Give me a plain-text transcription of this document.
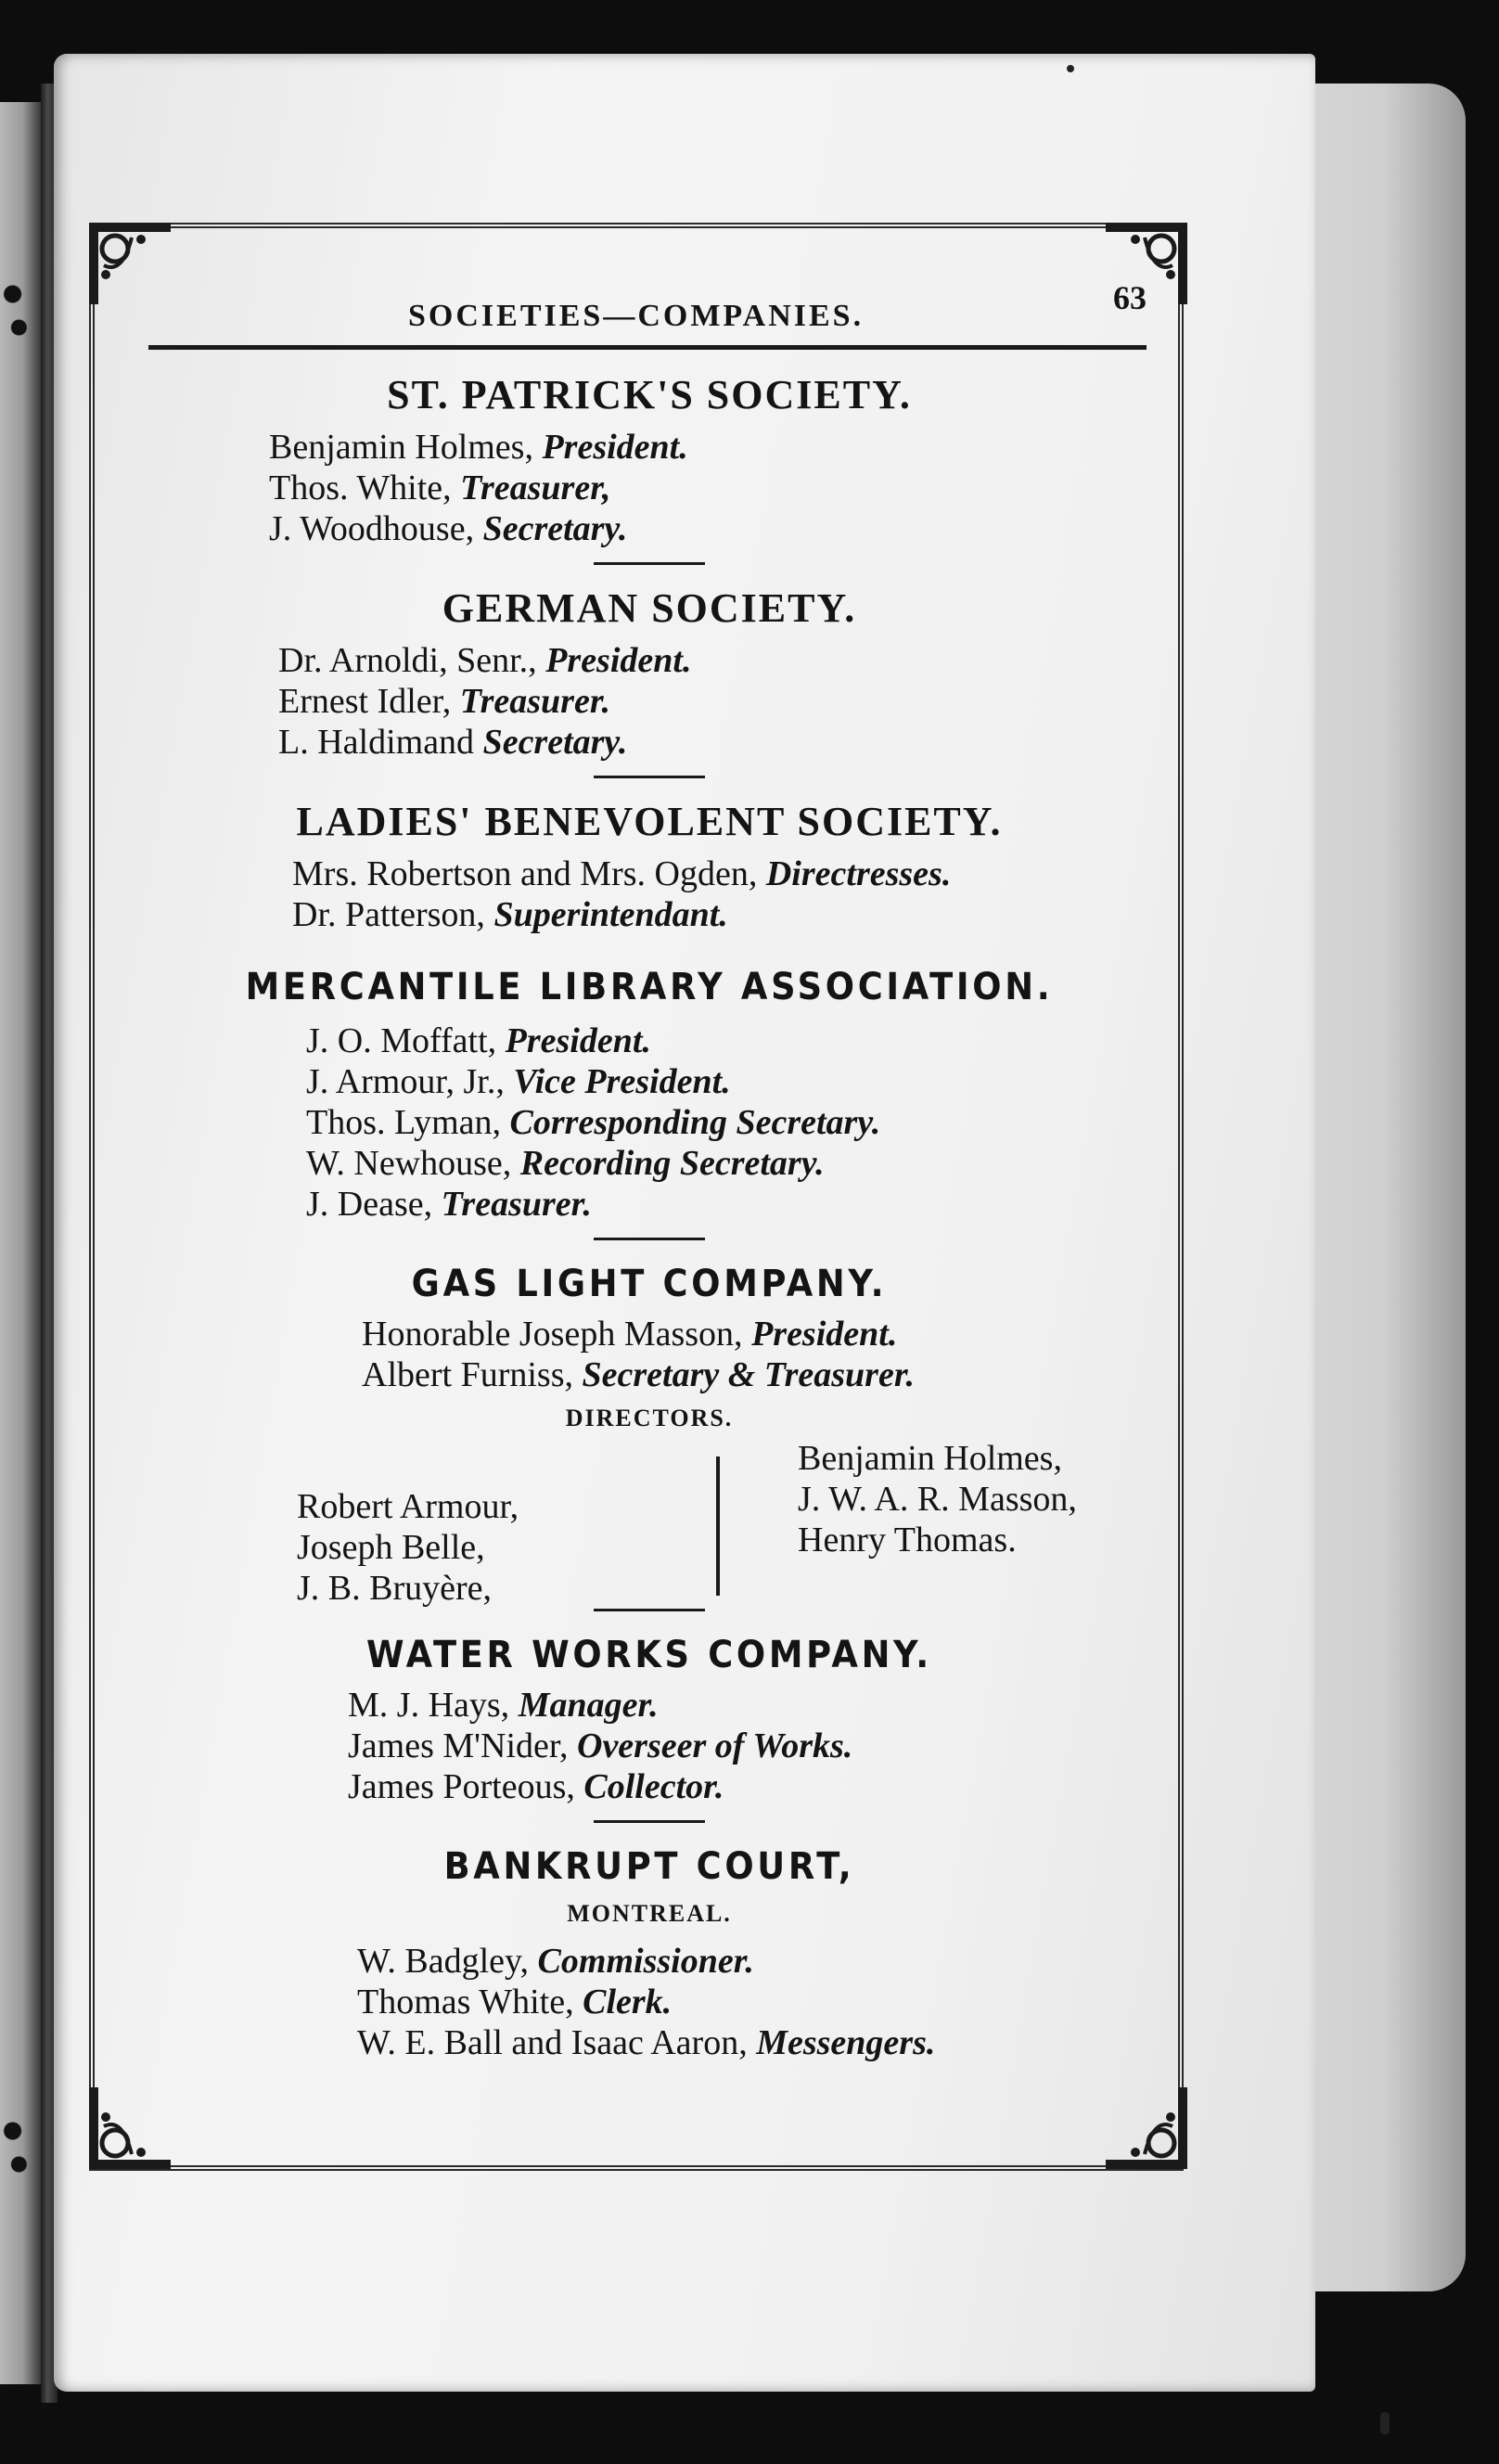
SOCIETIES—COMPANIES.	63
ST. PATRICK'S SOCIETY.
Benjamin Holmes, President.
Thos. White, Treasurer,
J. Woodhouse, Secretary.
GERMAN SOCIETY.
Dr. Arnoldi, Senr., President.
Ernest Idler, Treasurer.
L. Haldimand Secretary.
LADIES' BENEVOLENT SOCIETY.
Mrs. Robertson and Mrs. Ogden, Directresses.
Dr. Patterson, Superintendant.
MERCANTILE LIBRARY ASSOCIATION.
J. O. Moffatt, President.
J. Armour, Jr., Vice President.
Thos. Lyman, Corresponding Secretary.
W. Newhouse, Recording Secretary.
J. Dease, Treasurer.
GAS LIGHT COMPANY.
Honorable Joseph Masson, President.
Albert Furniss, Secretary & Treasurer.
DIRECTORS.
Robert Armour,
Joseph Belle,
J. B. Bruyère,
Benjamin Holmes,
J. W. A. R. Masson,
Henry Thomas.
WATER WORKS COMPANY.
M. J. Hays, Manager.
James M'Nider, Overseer of Works.
James Porteous, Collector.
BANKRUPT COURT,
MONTREAL.
W. Badgley, Commissioner.
Thomas White, Clerk.
W. E. Ball and Isaac Aaron, Messengers.
